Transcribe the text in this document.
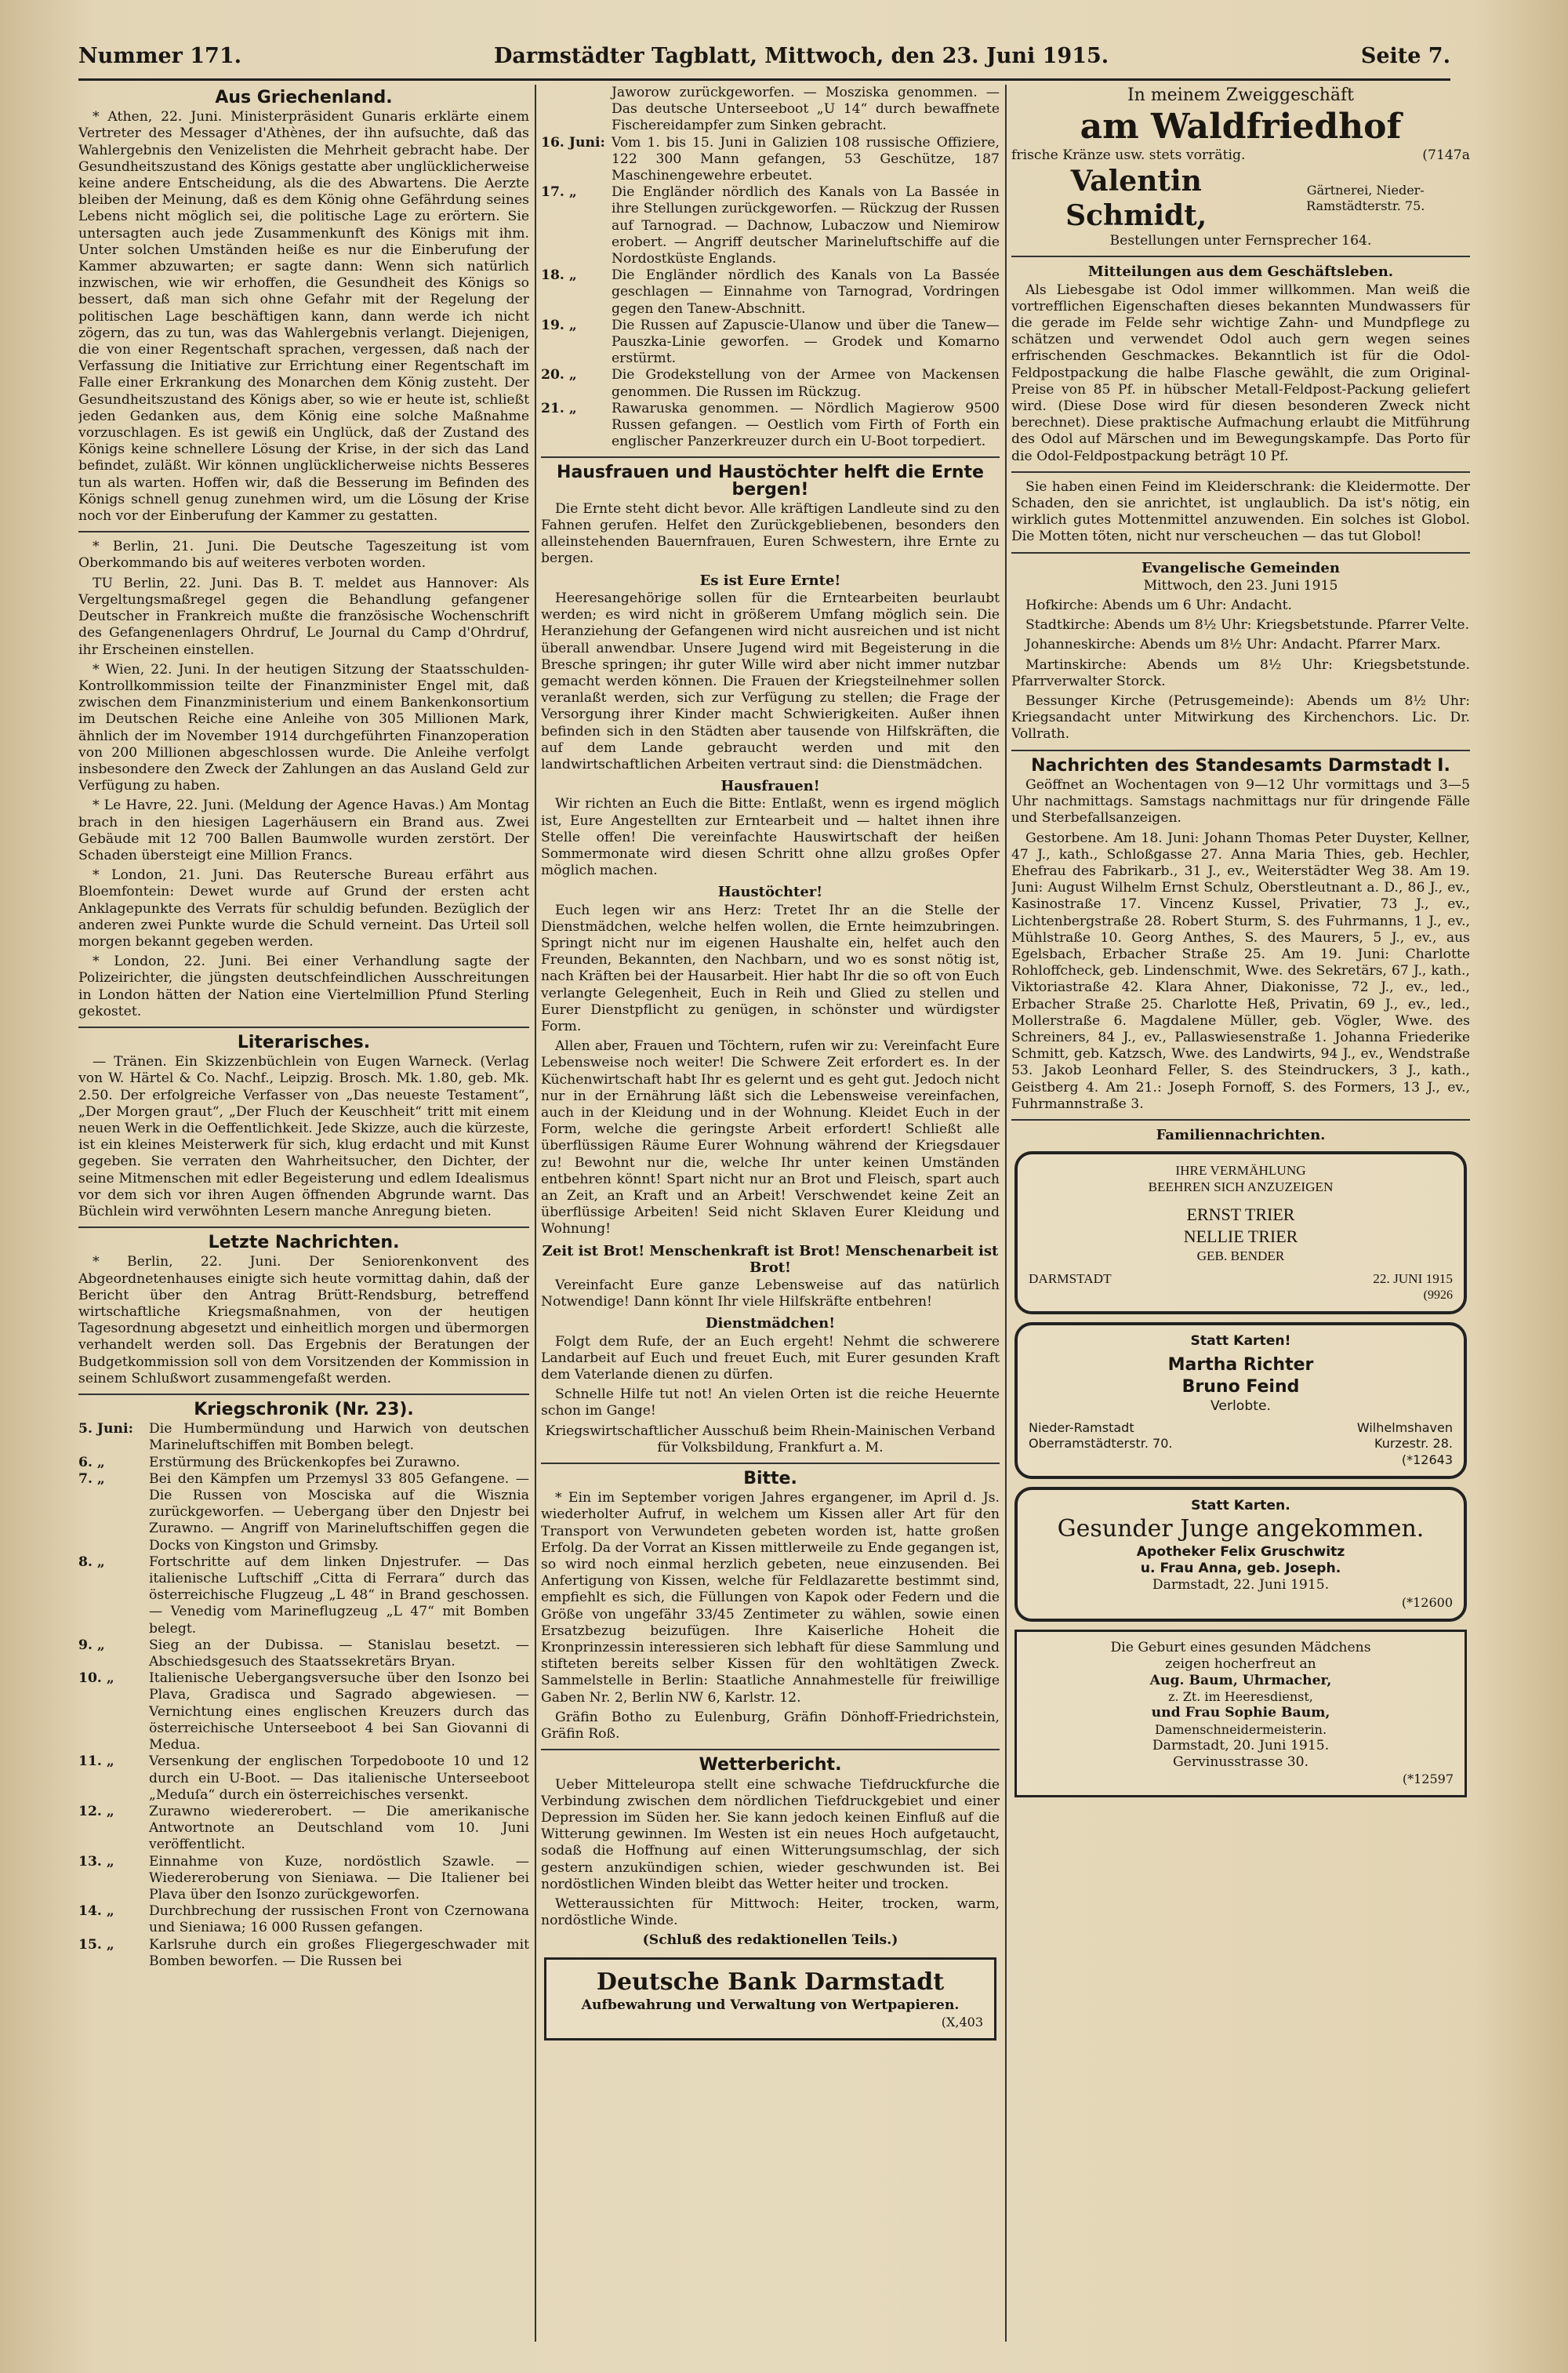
Nummer 171.	Darmstädter Tagblatt, Mittwoch, den 23. Juni 1915.	Seite 7.
Aus Griechenland.

* Athen, 22. Juni. Ministerpräsident Gunaris erklärte einem Vertreter des Messager d'Athènes, der ihn aufsuchte, daß das Wahlergebnis den Venizelisten die Mehrheit gebracht habe. Der Gesundheitszustand des Königs gestatte aber unglücklicherweise keine andere Entscheidung, als die des Abwartens. Die Aerzte bleiben der Meinung, daß es dem König ohne Gefährdung seines Lebens nicht möglich sei, die politische Lage zu erörtern. Sie untersagten auch jede Zusammenkunft des Königs mit ihm. Unter solchen Umständen heiße es nur die Einberufung der Kammer abzuwarten; er sagte dann: Wenn sich natürlich inzwischen, wie wir erhoffen, die Gesundheit des Königs so bessert, daß man sich ohne Gefahr mit der Regelung der politischen Lage beschäftigen kann, dann werde ich nicht zögern, das zu tun, was das Wahlergebnis verlangt. Diejenigen, die von einer Regentschaft sprachen, vergessen, daß nach der Verfassung die Initiative zur Errichtung einer Regentschaft im Falle einer Erkrankung des Monarchen dem König zusteht. Der Gesundheitszustand des Königs aber, so wie er heute ist, schließt jeden Gedanken aus, dem König eine solche Maßnahme vorzuschlagen. Es ist gewiß ein Unglück, daß der Zustand des Königs keine schnellere Lösung der Krise, in der sich das Land befindet, zuläßt. Wir können unglücklicherweise nichts Besseres tun als warten. Hoffen wir, daß die Besserung im Befinden des Königs schnell genug zunehmen wird, um die Lösung der Krise noch vor der Einberufung der Kammer zu gestatten.

* Berlin, 21. Juni. Die Deutsche Tageszeitung ist vom Oberkommando bis auf weiteres verboten worden.

TU Berlin, 22. Juni. Das B. T. meldet aus Hannover: Als Vergeltungsmaßregel gegen die Behandlung gefangener Deutscher in Frankreich mußte die französische Wochenschrift des Gefangenenlagers Ohrdruf, Le Journal du Camp d'Ohrdruf, ihr Erscheinen einstellen.

* Wien, 22. Juni. In der heutigen Sitzung der Staatsschulden-Kontrollkommission teilte der Finanzminister Engel mit, daß zwischen dem Finanzministerium und einem Bankenkonsortium im Deutschen Reiche eine Anleihe von 305 Millionen Mark, ähnlich der im November 1914 durchgeführten Finanzoperation von 200 Millionen abgeschlossen wurde. Die Anleihe verfolgt insbesondere den Zweck der Zahlungen an das Ausland Geld zur Verfügung zu haben.

* Le Havre, 22. Juni. (Meldung der Agence Havas.) Am Montag brach in den hiesigen Lagerhäusern ein Brand aus. Zwei Gebäude mit 12 700 Ballen Baumwolle wurden zerstört. Der Schaden übersteigt eine Million Francs.

* London, 21. Juni. Das Reutersche Bureau erfährt aus Bloemfontein: Dewet wurde auf Grund der ersten acht Anklagepunkte des Verrats für schuldig befunden. Bezüglich der anderen zwei Punkte wurde die Schuld verneint. Das Urteil soll morgen bekannt gegeben werden.

* London, 22. Juni. Bei einer Verhandlung sagte der Polizeirichter, die jüngsten deutschfeindlichen Ausschreitungen in London hätten der Nation eine Viertelmillion Pfund Sterling gekostet.

Literarisches.

— Tränen. Ein Skizzenbüchlein von Eugen Warneck. (Verlag von W. Härtel & Co. Nachf., Leipzig. Brosch. Mk. 1.80, geb. Mk. 2.50. Der erfolgreiche Verfasser von „Das neueste Testament“, „Der Morgen graut“, „Der Fluch der Keuschheit“ tritt mit einem neuen Werk in die Oeffentlichkeit. Jede Skizze, auch die kürzeste, ist ein kleines Meisterwerk für sich, klug erdacht und mit Kunst gegeben. Sie verraten den Wahrheitsucher, den Dichter, der seine Mitmenschen mit edler Begeisterung und edlem Idealismus vor dem sich vor ihren Augen öffnenden Abgrunde warnt. Das Büchlein wird verwöhnten Lesern manche Anregung bieten.

Letzte Nachrichten.

* Berlin, 22. Juni. Der Seniorenkonvent des Abgeordnetenhauses einigte sich heute vormittag dahin, daß der Bericht über den Antrag Brütt-Rendsburg, betreffend wirtschaftliche Kriegsmaßnahmen, von der heutigen Tagesordnung abgesetzt und einheitlich morgen und übermorgen verhandelt werden soll. Das Ergebnis der Beratungen der Budgetkommission soll von dem Vorsitzenden der Kommission in seinem Schlußwort zusammengefaßt werden.

Kriegschronik (Nr. 23).
5. Juni:	Die Humbermündung und Harwich von deutschen Marineluftschiffen mit Bomben belegt.
6. „	Erstürmung des Brückenkopfes bei Zurawno.
7. „	Bei den Kämpfen um Przemysl 33 805 Gefangene. — Die Russen von Mosciska auf die Wisznia zurückgeworfen. — Uebergang über den Dnjestr bei Zurawno. — Angriff von Marineluftschiffen gegen die Docks von Kingston und Grimsby.
8. „	Fortschritte auf dem linken Dnjestrufer. — Das italienische Luftschiff „Citta di Ferrara“ durch das österreichische Flugzeug „L 48“ in Brand geschossen. — Venedig vom Marineflugzeug „L 47“ mit Bomben belegt.
9. „	Sieg an der Dubissa. — Stanislau besetzt. — Abschiedsgesuch des Staatssekretärs Bryan.
10. „	Italienische Uebergangsversuche über den Isonzo bei Plava, Gradisca und Sagrado abgewiesen. — Vernichtung eines englischen Kreuzers durch das österreichische Unterseeboot 4 bei San Giovanni di Medua.
11. „	Versenkung der englischen Torpedoboote 10 und 12 durch ein U-Boot. — Das italienische Unterseeboot „Meduſa“ durch ein österreichisches versenkt.
12. „	Zurawno wiedererobert. — Die amerikanische Antwortnote an Deutschland vom 10. Juni veröffentlicht.
13. „	Einnahme von Kuze, nordöstlich Szawle. — Wiedereroberung von Sieniawa. — Die Italiener bei Plava über den Isonzo zurückgeworfen.
14. „	Durchbrechung der russischen Front von Czernowana und Sieniawa; 16 000 Russen gefangen.
15. „	Karlsruhe durch ein großes Fliegergeschwader mit Bomben beworfen. — Die Russen bei
Jaworow zurückgeworfen. — Mosziska genommen. — Das deutsche Unterseeboot „U 14“ durch bewaffnete Fischereidampfer zum Sinken gebracht.
16. Juni: Vom 1. bis 15. Juni in Galizien 108 russische Offiziere, 122 300 Mann gefangen, 53 Geschütze, 187 Maschinengewehre erbeutet.
17. „	Die Engländer nördlich des Kanals von La Bassée in ihre Stellungen zurückgeworfen. — Rückzug der Russen auf Tarnograd. — Dachnow, Lubaczow und Niemirow erobert. — Angriff deutscher Marineluftschiffe auf die Nordostküste Englands.
18. „	Die Engländer nördlich des Kanals von La Bassée geschlagen — Einnahme von Tarnograd, Vordringen gegen den Tanew-Abschnitt.
19. „	Die Russen auf Zapuscie-Ulanow und über die Tanew—Pauszka-Linie geworfen. — Grodek und Komarno erstürmt.
20. „	Die Grodekstellung von der Armee von Mackensen genommen. Die Russen im Rückzug.
21. „	Rawaruska genommen. — Nördlich Magierow 9500 Russen gefangen. — Oestlich vom Firth of Forth ein englischer Panzerkreuzer durch ein U-Boot torpediert.
Hausfrauen und Haustöchter helft die Ernte bergen!

Die Ernte steht dicht bevor. Alle kräftigen Landleute sind zu den Fahnen gerufen. Helfet den Zurückgebliebenen, besonders den alleinstehenden Bauernfrauen, Euren Schwestern, ihre Ernte zu bergen.

Es ist Eure Ernte!

Heeresangehörige sollen für die Erntearbeiten beurlaubt werden; es wird nicht in größerem Umfang möglich sein. Die Heranziehung der Gefangenen wird nicht ausreichen und ist nicht überall anwendbar. Unsere Jugend wird mit Begeisterung in die Bresche springen; ihr guter Wille wird aber nicht immer nutzbar gemacht werden können. Die Frauen der Kriegsteilnehmer sollen veranlaßt werden, sich zur Verfügung zu stellen; die Frage der Versorgung ihrer Kinder macht Schwierigkeiten. Außer ihnen befinden sich in den Städten aber tausende von Hilfskräften, die auf dem Lande gebraucht werden und mit den landwirtschaftlichen Arbeiten vertraut sind: die Dienstmädchen.

Hausfrauen!

Wir richten an Euch die Bitte: Entlaßt, wenn es irgend möglich ist, Eure Angestellten zur Erntearbeit und — haltet ihnen ihre Stelle offen! Die vereinfachte Hauswirtschaft der heißen Sommermonate wird diesen Schritt ohne allzu großes Opfer möglich machen.

Haustöchter!

Euch legen wir ans Herz: Tretet Ihr an die Stelle der Dienstmädchen, welche helfen wollen, die Ernte heimzubringen. Springt nicht nur im eigenen Haushalte ein, helfet auch den Freunden, Bekannten, den Nachbarn, und wo es sonst nötig ist, nach Kräften bei der Hausarbeit. Hier habt Ihr die so oft von Euch verlangte Gelegenheit, Euch in Reih und Glied zu stellen und Eurer Dienstpflicht zu genügen, in schönster und würdigster Form.

Allen aber, Frauen und Töchtern, rufen wir zu: Vereinfacht Eure Lebensweise noch weiter! Die Schwere Zeit erfordert es. In der Küchenwirtschaft habt Ihr es gelernt und es geht gut. Jedoch nicht nur in der Ernährung läßt sich die Lebensweise vereinfachen, auch in der Kleidung und in der Wohnung. Kleidet Euch in der Form, welche die geringste Arbeit erfordert! Schließt alle überflüssigen Räume Eurer Wohnung während der Kriegsdauer zu! Bewohnt nur die, welche Ihr unter keinen Umständen entbehren könnt! Spart nicht nur an Brot und Fleisch, spart auch an Zeit, an Kraft und an Arbeit! Verschwendet keine Zeit an überflüssige Arbeiten! Seid nicht Sklaven Eurer Kleidung und Wohnung!

Zeit ist Brot! Menschenkraft ist Brot! Menschenarbeit ist Brot!

Vereinfacht Eure ganze Lebensweise auf das natürlich Notwendige! Dann könnt Ihr viele Hilfskräfte entbehren!

Dienstmädchen!

Folgt dem Rufe, der an Euch ergeht! Nehmt die schwerere Landarbeit auf Euch und freuet Euch, mit Eurer gesunden Kraft dem Vaterlande dienen zu dürfen.

Schnelle Hilfe tut not! An vielen Orten ist die reiche Heuernte schon im Gange!

Kriegswirtschaftlicher Ausschuß beim Rhein-Mainischen Verband für Volksbildung, Frankfurt a. M.

Bitte.

* Ein im September vorigen Jahres ergangener, im April d. Js. wiederholter Aufruf, in welchem um Kissen aller Art für den Transport von Verwundeten gebeten worden ist, hatte großen Erfolg. Da der Vorrat an Kissen mittlerweile zu Ende gegangen ist, so wird noch einmal herzlich gebeten, neue einzusenden. Bei Anfertigung von Kissen, welche für Feldlazarette bestimmt sind, empfiehlt es sich, die Füllungen von Kapok oder Federn und die Größe von ungefähr 33/45 Zentimeter zu wählen, sowie einen Ersatzbezug beizufügen. Ihre Kaiserliche Hoheit die Kronprinzessin interessieren sich lebhaft für diese Sammlung und stifteten bereits selber Kissen für den wohltätigen Zweck. Sammelstelle in Berlin: Staatliche Annahmestelle für freiwillige Gaben Nr. 2, Berlin NW 6, Karlstr. 12.

Gräfin Botho zu Eulenburg, Gräfin Dönhoff-Friedrichstein, Gräfin Roß.

Wetterbericht.

Ueber Mitteleuropa stellt eine schwache Tiefdruckfurche die Verbindung zwischen dem nördlichen Tiefdruckgebiet und einer Depression im Süden her. Sie kann jedoch keinen Einfluß auf die Witterung gewinnen. Im Westen ist ein neues Hoch aufgetaucht, sodaß die Hoffnung auf einen Witterungsumschlag, der sich gestern anzukündigen schien, wieder geschwunden ist. Bei nordöstlichen Winden bleibt das Wetter heiter und trocken.

Wetteraussichten für Mittwoch: Heiter, trocken, warm, nordöstliche Winde.

(Schluß des redaktionellen Teils.)

Deutsche Bank Darmstadt
Aufbewahrung und Verwaltung von Wertpapieren.
(X,403
In meinem Zweiggeschäft
am Waldfriedhof
frische Kränze usw. stets vorrätig.	(7147a
Valentin Schmidt,
Gärtnerei, Nieder-Ramstädterstr. 75.
Bestellungen unter Fernsprecher 164.
Mitteilungen aus dem Geschäftsleben.

Als Liebesgabe ist Odol immer willkommen. Man weiß die vortrefflichen Eigenschaften dieses bekannten Mundwassers für die gerade im Felde sehr wichtige Zahn- und Mundpflege zu schätzen und verwendet Odol auch gern wegen seines erfrischenden Geschmackes. Bekanntlich ist für die Odol-Feldpostpackung die halbe Flasche gewählt, die zum Original-Preise von 85 Pf. in hübscher Metall-Feldpost-Packung geliefert wird. (Diese Dose wird für diesen besonderen Zweck nicht berechnet). Diese praktische Aufmachung erlaubt die Mitführung des Odol auf Märschen und im Bewegungskampfe. Das Porto für die Odol-Feldpostpackung beträgt 10 Pf.

Sie haben einen Feind im Kleiderschrank: die Kleidermotte. Der Schaden, den sie anrichtet, ist unglaublich. Da ist's nötig, ein wirklich gutes Mottenmittel anzuwenden. Ein solches ist Globol. Die Motten töten, nicht nur verscheuchen — das tut Globol!

Evangelische Gemeinden

Mittwoch, den 23. Juni 1915

Hofkirche: Abends um 6 Uhr: Andacht.

Stadtkirche: Abends um 8½ Uhr: Kriegsbetstunde. Pfarrer Velte.

Johanneskirche: Abends um 8½ Uhr: Andacht. Pfarrer Marx.

Martinskirche: Abends um 8½ Uhr: Kriegsbetstunde. Pfarrverwalter Storck.

Bessunger Kirche (Petrusgemeinde): Abends um 8½ Uhr: Kriegsandacht unter Mitwirkung des Kirchenchors. Lic. Dr. Vollrath.

Nachrichten des Standesamts Darmstadt I.

Geöffnet an Wochentagen von 9—12 Uhr vormittags und 3—5 Uhr nachmittags. Samstags nachmittags nur für dringende Fälle und Sterbefallsanzeigen.

Gestorbene. Am 18. Juni: Johann Thomas Peter Duyster, Kellner, 47 J., kath., Schloßgasse 27. Anna Maria Thies, geb. Hechler, Ehefrau des Fabrikarb., 31 J., ev., Weiterstädter Weg 38. Am 19. Juni: August Wilhelm Ernst Schulz, Oberstleutnant a. D., 86 J., ev., Kasinostraße 17. Vincenz Kussel, Privatier, 73 J., ev., Lichtenbergstraße 28. Robert Sturm, S. des Fuhrmanns, 1 J., ev., Mühlstraße 10. Georg Anthes, S. des Maurers, 5 J., ev., aus Egelsbach, Erbacher Straße 25. Am 19. Juni: Charlotte Rohloffcheck, geb. Lindenschmit, Wwe. des Sekretärs, 67 J., kath., Viktoriastraße 42. Klara Ahner, Diakonisse, 72 J., ev., led., Erbacher Straße 25. Charlotte Heß, Privatin, 69 J., ev., led., Mollerstraße 6. Magdalene Müller, geb. Vögler, Wwe. des Schreiners, 84 J., ev., Pallaswiesenstraße 1. Johanna Friederike Schmitt, geb. Katzsch, Wwe. des Landwirts, 94 J., ev., Wendstraße 53. Jakob Leonhard Feller, S. des Steindruckers, 3 J., kath., Geistberg 4. Am 21.: Joseph Fornoff, S. des Formers, 13 J., ev., Fuhrmannstraße 3.

Familiennachrichten.
IHRE VERMÄHLUNG
BEEHREN SICH ANZUZEIGEN
ERNST TRIER
NELLIE TRIER
GEB. BENDER
DARMSTADT	22. JUNI 1915
(9926
Statt Karten!
Martha Richter
Bruno Feind
Verlobte.
Nieder-Ramstadt	Wilhelmshaven
Oberramstädterstr. 70.	Kurzestr. 28.
(*12643
Statt Karten.
Gesunder Junge angekommen.
Apotheker Felix Gruschwitz
u. Frau Anna, geb. Joseph.
Darmstadt, 22. Juni 1915.
(*12600
Die Geburt eines gesunden Mädchens
zeigen hocherfreut an
Aug. Baum, Uhrmacher,
z. Zt. im Heeresdienst,
und Frau Sophie Baum,
Damenschneidermeisterin.
Darmstadt, 20. Juni 1915.
Gervinusstrasse 30.
(*12597
